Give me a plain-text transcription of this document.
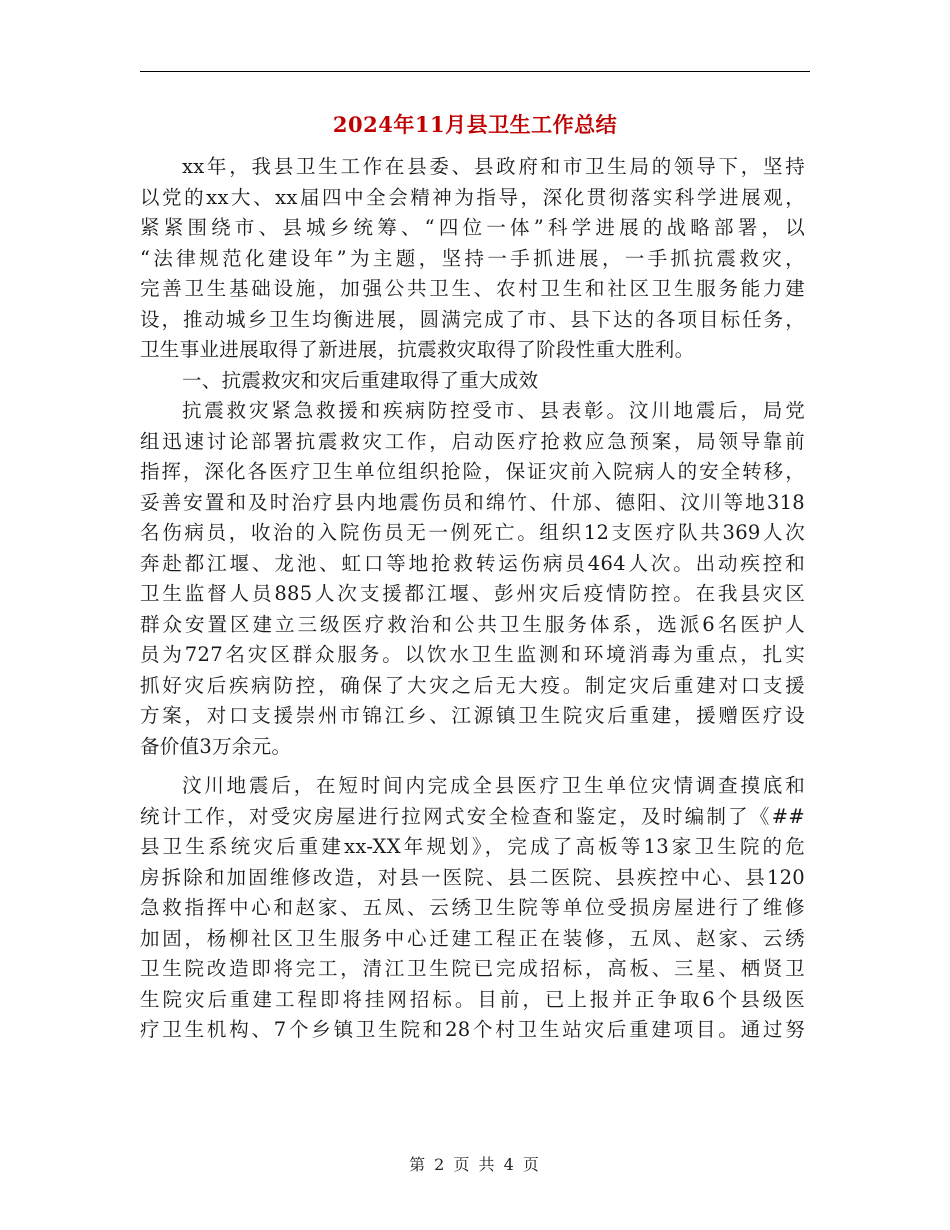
2024年11月县卫生工作总结
xx年，我县卫生工作在县委、县政府和市卫生局的领导下，坚持
以党的xx大、xx届四中全会精神为指导，深化贯彻落实科学进展观，
紧紧围绕市、县城乡统筹、“四位一体”科学进展的战略部署，以
“法律规范化建设年”为主题，坚持一手抓进展，一手抓抗震救灾，
完善卫生基础设施，加强公共卫生、农村卫生和社区卫生服务能力建
设，推动城乡卫生均衡进展，圆满完成了市、县下达的各项目标任务，
卫生事业进展取得了新进展，抗震救灾取得了阶段性重大胜利。
一、抗震救灾和灾后重建取得了重大成效
抗震救灾紧急救援和疾病防控受市、县表彰。汶川地震后，局党
组迅速讨论部署抗震救灾工作，启动医疗抢救应急预案，局领导靠前
指挥，深化各医疗卫生单位组织抢险，保证灾前入院病人的安全转移，
妥善安置和及时治疗县内地震伤员和绵竹、什邡、德阳、汶川等地318
名伤病员，收治的入院伤员无一例死亡。组织12支医疗队共369人次
奔赴都江堰、龙池、虹口等地抢救转运伤病员464人次。出动疾控和
卫生监督人员885人次支援都江堰、彭州灾后疫情防控。在我县灾区
群众安置区建立三级医疗救治和公共卫生服务体系，选派6名医护人
员为727名灾区群众服务。以饮水卫生监测和环境消毒为重点，扎实
抓好灾后疾病防控，确保了大灾之后无大疫。制定灾后重建对口支援
方案，对口支援崇州市锦江乡、江源镇卫生院灾后重建，援赠医疗设
备价值3万余元。
汶川地震后，在短时间内完成全县医疗卫生单位灾情调查摸底和
统计工作，对受灾房屋进行拉网式安全检查和鉴定，及时编制了《##
县卫生系统灾后重建xx-XX年规划》，完成了高板等13家卫生院的危
房拆除和加固维修改造，对县一医院、县二医院、县疾控中心、县120
急救指挥中心和赵家、五凤、云绣卫生院等单位受损房屋进行了维修
加固，杨柳社区卫生服务中心迁建工程正在装修，五凤、赵家、云绣
卫生院改造即将完工，清江卫生院已完成招标，高板、三星、栖贤卫
生院灾后重建工程即将挂网招标。目前，已上报并正争取6个县级医
疗卫生机构、7个乡镇卫生院和28个村卫生站灾后重建项目。通过努
第 2 页 共 4 页
